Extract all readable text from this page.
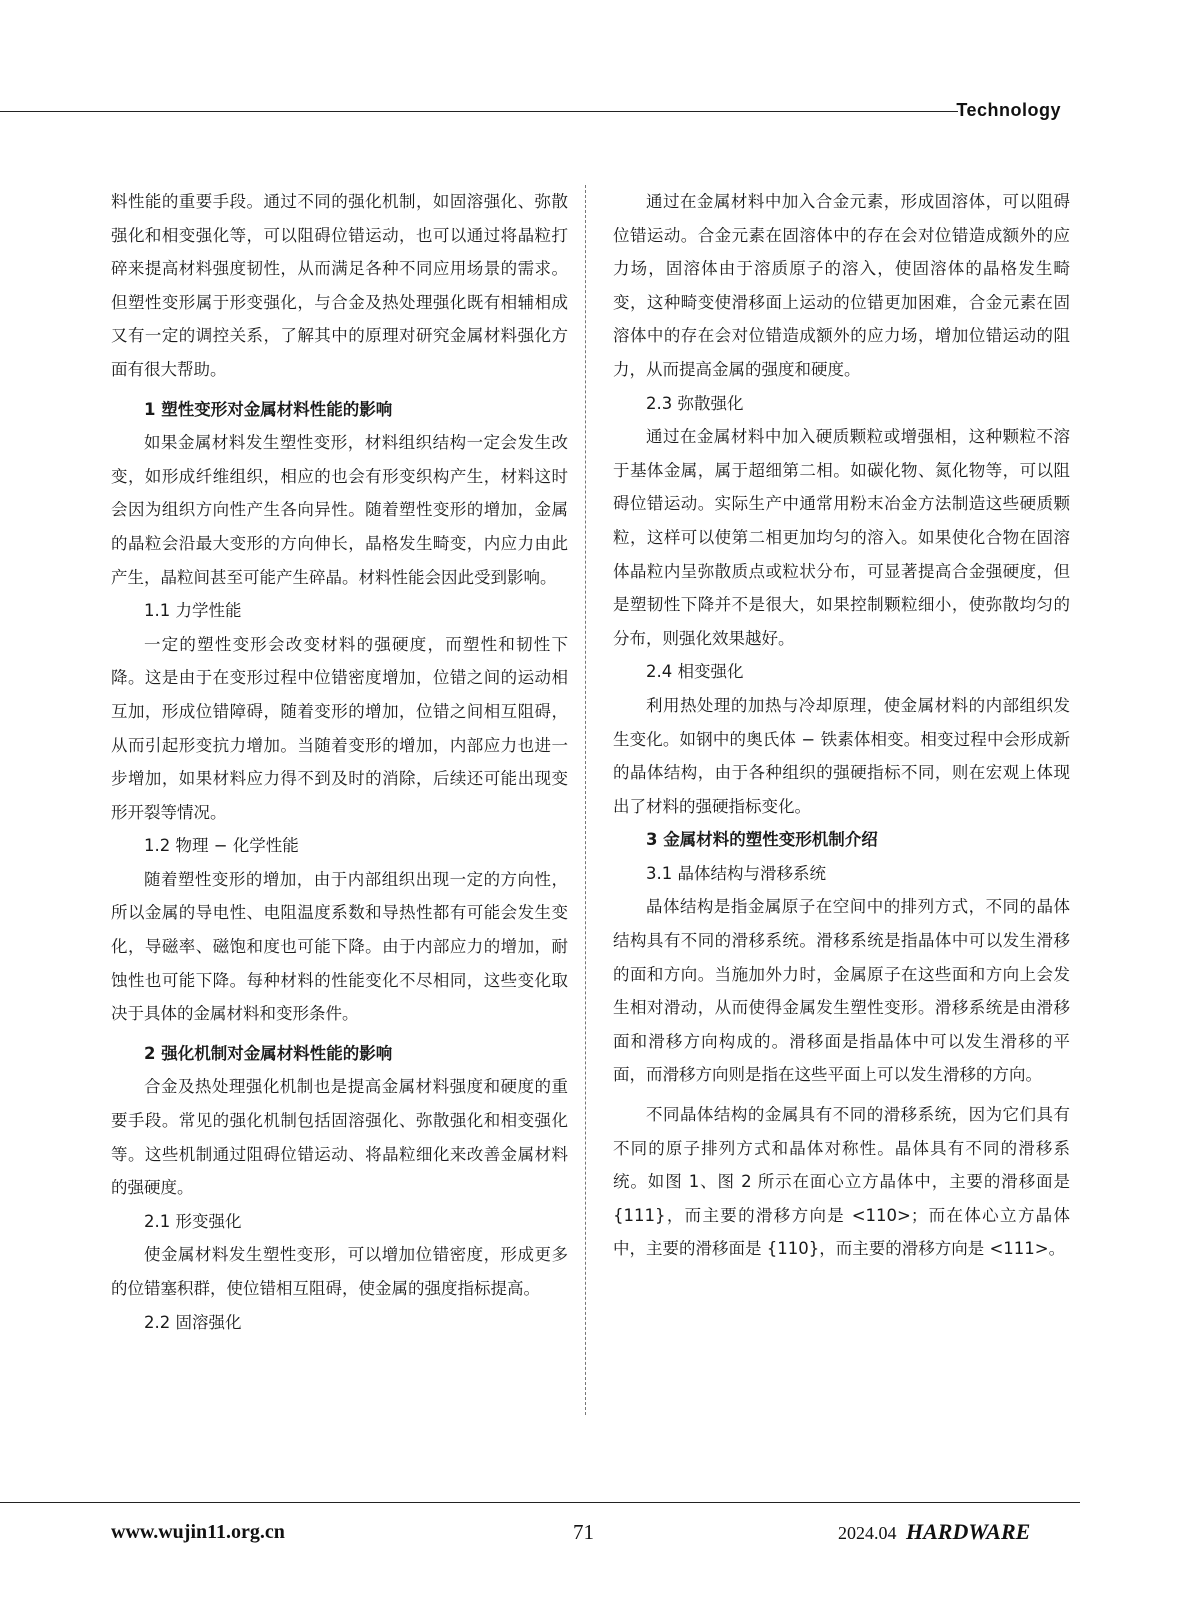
Technology

料性能的重要手段。通过不同的强化机制，如固溶强化、弥散强化和相变强化等，可以阻碍位错运动，也可以通过将晶粒打碎来提高材料强度韧性，从而满足各种不同应用场景的需求。但塑性变形属于形变强化，与合金及热处理强化既有相辅相成又有一定的调控关系，了解其中的原理对研究金属材料强化方面有很大帮助。

1 塑性变形对金属材料性能的影响

如果金属材料发生塑性变形，材料组织结构一定会发生改变，如形成纤维组织，相应的也会有形变织构产生，材料这时会因为组织方向性产生各向异性。随着塑性变形的增加，金属的晶粒会沿最大变形的方向伸长，晶格发生畸变，内应力由此产生，晶粒间甚至可能产生碎晶。材料性能会因此受到影响。

1.1 力学性能

一定的塑性变形会改变材料的强硬度，而塑性和韧性下降。这是由于在变形过程中位错密度增加，位错之间的运动相互加，形成位错障碍，随着变形的增加，位错之间相互阻碍，从而引起形变抗力增加。当随着变形的增加，内部应力也进一步增加，如果材料应力得不到及时的消除，后续还可能出现变形开裂等情况。

1.2 物理 − 化学性能

随着塑性变形的增加，由于内部组织出现一定的方向性，所以金属的导电性、电阻温度系数和导热性都有可能会发生变化，导磁率、磁饱和度也可能下降。由于内部应力的增加，耐蚀性也可能下降。每种材料的性能变化不尽相同，这些变化取决于具体的金属材料和变形条件。

2 强化机制对金属材料性能的影响

合金及热处理强化机制也是提高金属材料强度和硬度的重要手段。常见的强化机制包括固溶强化、弥散强化和相变强化等。这些机制通过阻碍位错运动、将晶粒细化来改善金属材料的强硬度。

2.1 形变强化

使金属材料发生塑性变形，可以增加位错密度，形成更多的位错塞积群，使位错相互阻碍，使金属的强度指标提高。

2.2 固溶强化

通过在金属材料中加入合金元素，形成固溶体，可以阻碍位错运动。合金元素在固溶体中的存在会对位错造成额外的应力场，固溶体由于溶质原子的溶入，使固溶体的晶格发生畸变，这种畸变使滑移面上运动的位错更加困难，合金元素在固溶体中的存在会对位错造成额外的应力场，增加位错运动的阻力，从而提高金属的强度和硬度。

2.3 弥散强化

通过在金属材料中加入硬质颗粒或增强相，这种颗粒不溶于基体金属，属于超细第二相。如碳化物、氮化物等，可以阻碍位错运动。实际生产中通常用粉末冶金方法制造这些硬质颗粒，这样可以使第二相更加均匀的溶入。如果使化合物在固溶体晶粒内呈弥散质点或粒状分布，可显著提高合金强硬度，但是塑韧性下降并不是很大，如果控制颗粒细小，使弥散均匀的分布，则强化效果越好。

2.4 相变强化

利用热处理的加热与冷却原理，使金属材料的内部组织发生变化。如钢中的奥氏体 − 铁素体相变。相变过程中会形成新的晶体结构，由于各种组织的强硬指标不同，则在宏观上体现出了材料的强硬指标变化。

3 金属材料的塑性变形机制介绍
3.1 晶体结构与滑移系统

晶体结构是指金属原子在空间中的排列方式，不同的晶体结构具有不同的滑移系统。滑移系统是指晶体中可以发生滑移的面和方向。当施加外力时，金属原子在这些面和方向上会发生相对滑动，从而使得金属发生塑性变形。滑移系统是由滑移面和滑移方向构成的。滑移面是指晶体中可以发生滑移的平面，而滑移方向则是指在这些平面上可以发生滑移的方向。

不同晶体结构的金属具有不同的滑移系统，因为它们具有不同的原子排列方式和晶体对称性。晶体具有不同的滑移系统。如图 1、图 2 所示在面心立方晶体中，主要的滑移面是 {111}，而主要的滑移方向是 <110>；而在体心立方晶体中，主要的滑移面是 {110}，而主要的滑移方向是 <111>。

www.wujin11.org.cn	71	2024.04 HARDWARE
